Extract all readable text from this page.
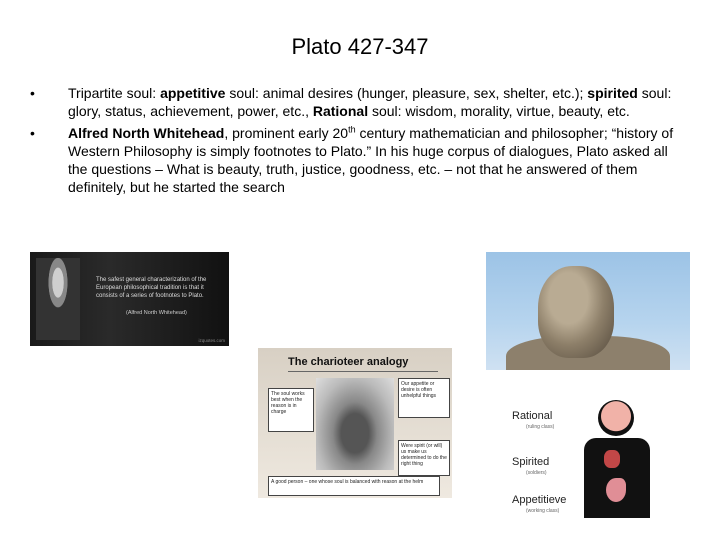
Plato 427-347
•	Tripartite soul: appetitive soul: animal desires (hunger, pleasure, sex, shelter, etc.); spirited soul: glory, status, achievement, power, etc., Rational soul: wisdom, morality, virtue, beauty, etc.
•	Alfred North Whitehead, prominent early 20th century mathematician and philosopher; “history of Western Philosophy is simply footnotes to Plato.” In his huge corpus of dialogues, Plato asked all the questions – What is beauty, truth, justice, goodness, etc. – not that he answered of them definitely, but he started the search
The safest general characterization of the European philosophical tradition is that it consists of a series of footnotes to Plato.
(Alfred North Whitehead)
izquotes.com
The charioteer analogy
The soul works best when the reason is in charge
Our appetite or desire is often unhelpful things
Were spirit (or will) us make us determined to do the right thing
A good person – one whose soul is balanced with reason at the helm
Rational
(ruling class)
Spirited
(soldiers)
Appetitieve
(working class)
